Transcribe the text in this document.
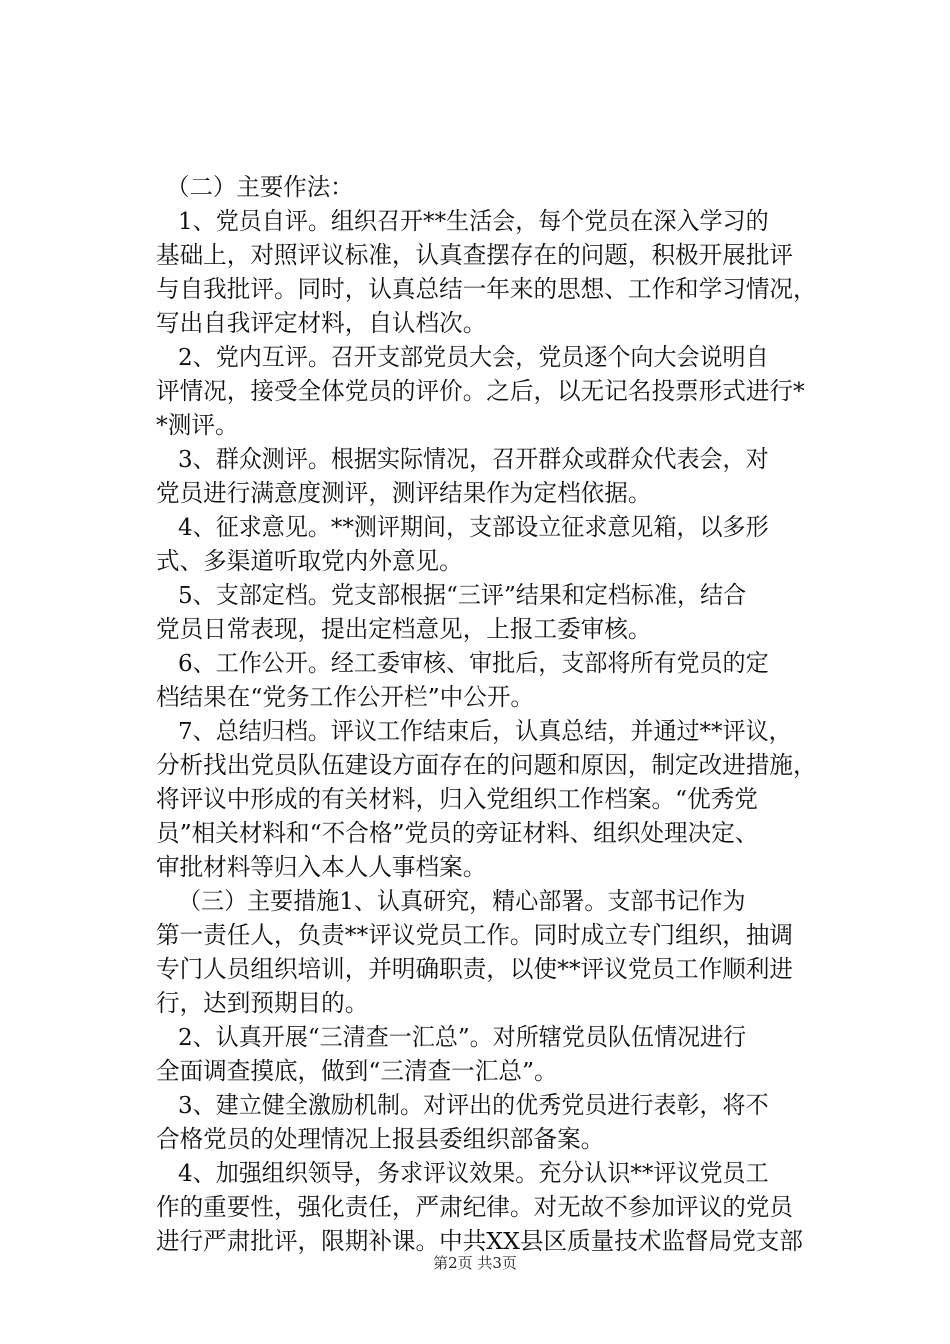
（二）主要作法：
1、党员自评。组织召开**生活会，每个党员在深入学习的
基础上，对照评议标准，认真查摆存在的问题，积极开展批评
与自我批评。同时，认真总结一年来的思想、工作和学习情况，
写出自我评定材料，自认档次。
2、党内互评。召开支部党员大会，党员逐个向大会说明自
评情况，接受全体党员的评价。之后，以无记名投票形式进行*
*测评。
3、群众测评。根据实际情况，召开群众或群众代表会，对
党员进行满意度测评，测评结果作为定档依据。
4、征求意见。**测评期间，支部设立征求意见箱，以多形
式、多渠道听取党内外意见。
5、支部定档。党支部根据“三评”结果和定档标准，结合
党员日常表现，提出定档意见，上报工委审核。
6、工作公开。经工委审核、审批后，支部将所有党员的定
档结果在“党务工作公开栏”中公开。
7、总结归档。评议工作结束后，认真总结，并通过**评议，
分析找出党员队伍建设方面存在的问题和原因，制定改进措施，
将评议中形成的有关材料，归入党组织工作档案。“优秀党
员”相关材料和“不合格”党员的旁证材料、组织处理决定、
审批材料等归入本人人事档案。
（三）主要措施1、认真研究，精心部署。支部书记作为
第一责任人，负责**评议党员工作。同时成立专门组织，抽调
专门人员组织培训，并明确职责，以使**评议党员工作顺利进
行，达到预期目的。
2、认真开展“三清查一汇总”。对所辖党员队伍情况进行
全面调查摸底，做到“三清查一汇总”。
3、建立健全激励机制。对评出的优秀党员进行表彰，将不
合格党员的处理情况上报县委组织部备案。
4、加强组织领导，务求评议效果。充分认识**评议党员工
作的重要性，强化责任，严肃纪律。对无故不参加评议的党员
进行严肃批评，限期补课。中共XX县区质量技术监督局党支部
第2页 共3页
